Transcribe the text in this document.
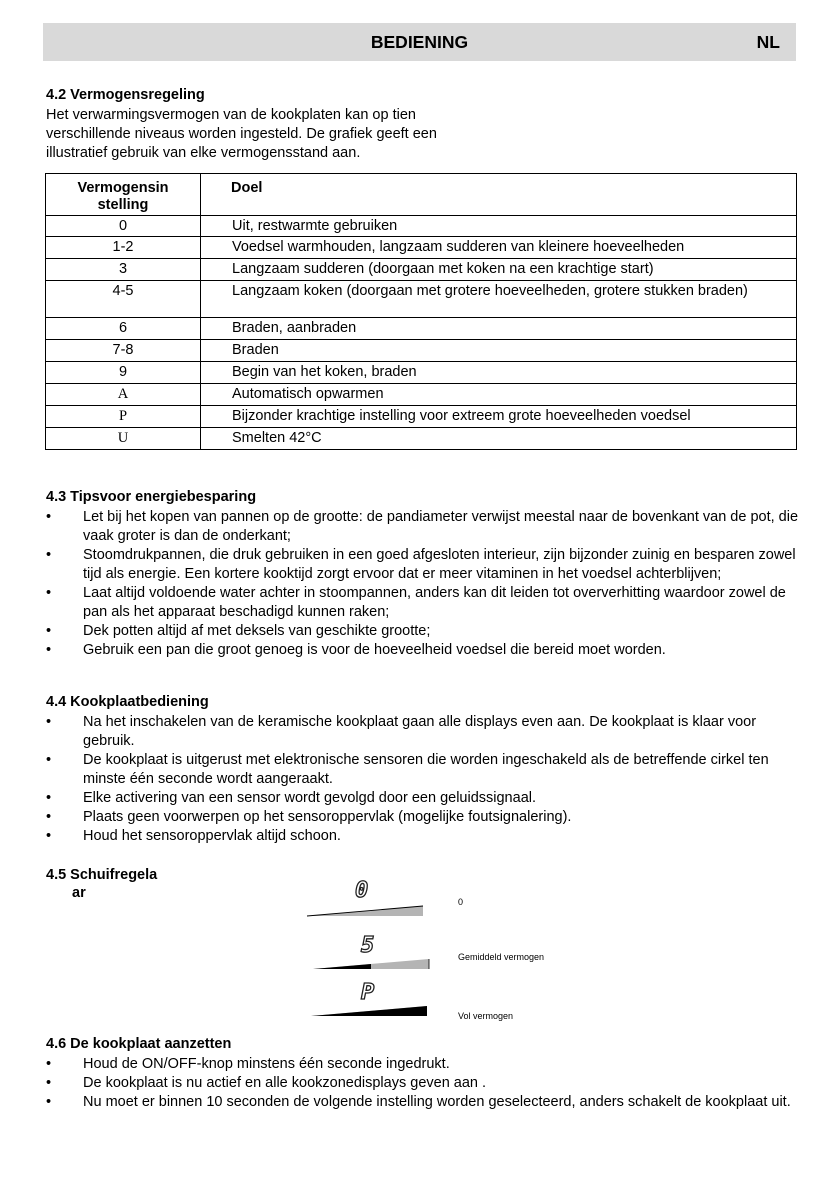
BEDIENING	NL
4.2 Vermogensregeling
Het verwarmingsvermogen van de kookplaten kan op tien
verschillende niveaus worden ingesteld. De grafiek geeft een
illustratief gebruik van elke vermogensstand aan.
Vermogensin stelling	Doel
0	Uit, restwarmte gebruiken
1-2	Voedsel warmhouden, langzaam sudderen van kleinere hoeveelheden
3	Langzaam sudderen (doorgaan met koken na een krachtige start)
4-5	Langzaam koken (doorgaan met grotere hoeveelheden, grotere stukken braden)
6	Braden, aanbraden
7-8	Braden
9	Begin van het koken, braden
A	Automatisch opwarmen
P	Bijzonder krachtige instelling voor extreem grote hoeveelheden voedsel
U	Smelten 42°C
4.3 Tipsvoor energiebesparing
• Let bij het kopen van pannen op de grootte: de pandiameter verwijst meestal naar de bovenkant van de pot, die vaak groter is dan de onderkant;
• Stoomdrukpannen, die druk gebruiken in een goed afgesloten interieur, zijn bijzonder zuinig en besparen zowel tijd als energie. Een kortere kooktijd zorgt ervoor dat er meer vitaminen in het voedsel achterblijven;
• Laat altijd voldoende water achter in stoompannen, anders kan dit leiden tot oververhitting waardoor zowel de pan als het apparaat beschadigd kunnen raken;
• Dek potten altijd af met deksels van geschikte grootte;
• Gebruik een pan die groot genoeg is voor de hoeveelheid voedsel die bereid moet worden.
4.4 Kookplaatbediening
• Na het inschakelen van de keramische kookplaat gaan alle displays even aan. De kookplaat is klaar voor gebruik.
• De kookplaat is uitgerust met elektronische sensoren die worden ingeschakeld als de betreffende cirkel ten minste één seconde wordt aangeraakt.
• Elke activering van een sensor wordt gevolgd door een geluidssignaal.
• Plaats geen voorwerpen op het sensoroppervlak (mogelijke foutsignalering).
• Houd het sensoroppervlak altijd schoon.
4.5 Schuifregela
ar	0	0
5	Gemiddeld vermogen
P
Vol vermogen
4.6 De kookplaat aanzetten
• Houd de ON/OFF-knop minstens één seconde ingedrukt.
• De kookplaat is nu actief en alle kookzonedisplays geven aan .
• Nu moet er binnen 10 seconden de volgende instelling worden geselecteerd, anders schakelt de kookplaat uit.
